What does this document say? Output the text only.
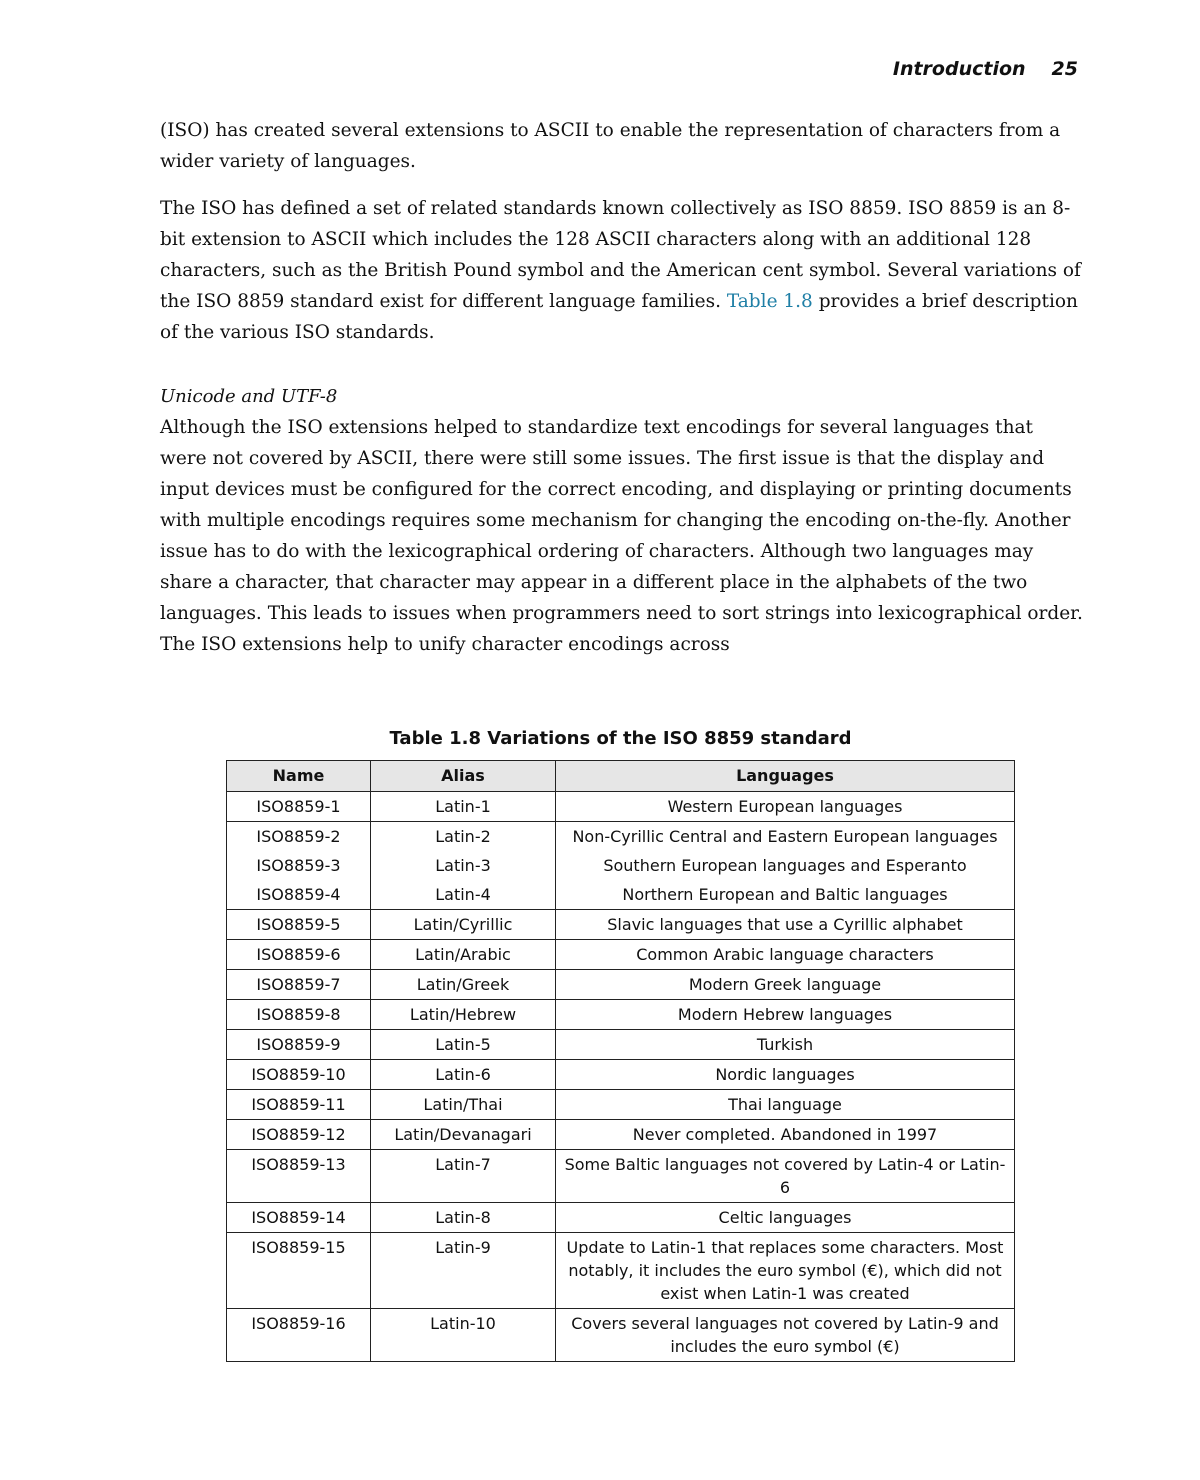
Introduction 25

(ISO) has created several extensions to ASCII to enable the representation of characters from a wider variety of languages.

The ISO has defined a set of related standards known collectively as ISO 8859. ISO 8859 is an 8-bit extension to ASCII which includes the 128 ASCII characters along with an additional 128 characters, such as the British Pound symbol and the American cent symbol. Several variations of the ISO 8859 standard exist for different language families. Table 1.8 provides a brief description of the various ISO standards.

Unicode and UTF-8

Although the ISO extensions helped to standardize text encodings for several languages that were not covered by ASCII, there were still some issues. The first issue is that the display and input devices must be configured for the correct encoding, and displaying or printing documents with multiple encodings requires some mechanism for changing the encoding on-the-fly. Another issue has to do with the lexicographical ordering of characters. Although two languages may share a character, that character may appear in a different place in the alphabets of the two languages. This leads to issues when programmers need to sort strings into lexicographical order. The ISO extensions help to unify character encodings across

Table 1.8 Variations of the ISO 8859 standard
Name	Alias	Languages
ISO8859-1	Latin-1	Western European languages
ISO8859-2	Latin-2	Non-Cyrillic Central and Eastern European languages
ISO8859-3	Latin-3	Southern European languages and Esperanto
ISO8859-4	Latin-4	Northern European and Baltic languages
ISO8859-5	Latin/Cyrillic	Slavic languages that use a Cyrillic alphabet
ISO8859-6	Latin/Arabic	Common Arabic language characters
ISO8859-7	Latin/Greek	Modern Greek language
ISO8859-8	Latin/Hebrew	Modern Hebrew languages
ISO8859-9	Latin-5	Turkish
ISO8859-10	Latin-6	Nordic languages
ISO8859-11	Latin/Thai	Thai language
ISO8859-12	Latin/Devanagari	Never completed. Abandoned in 1997
ISO8859-13	Latin-7	Some Baltic languages not covered by Latin-4 or Latin-6
ISO8859-14	Latin-8	Celtic languages
ISO8859-15	Latin-9	Update to Latin-1 that replaces some characters. Most notably, it includes the euro symbol (€), which did not exist when Latin-1 was created
ISO8859-16	Latin-10	Covers several languages not covered by Latin-9 and includes the euro symbol (€)
